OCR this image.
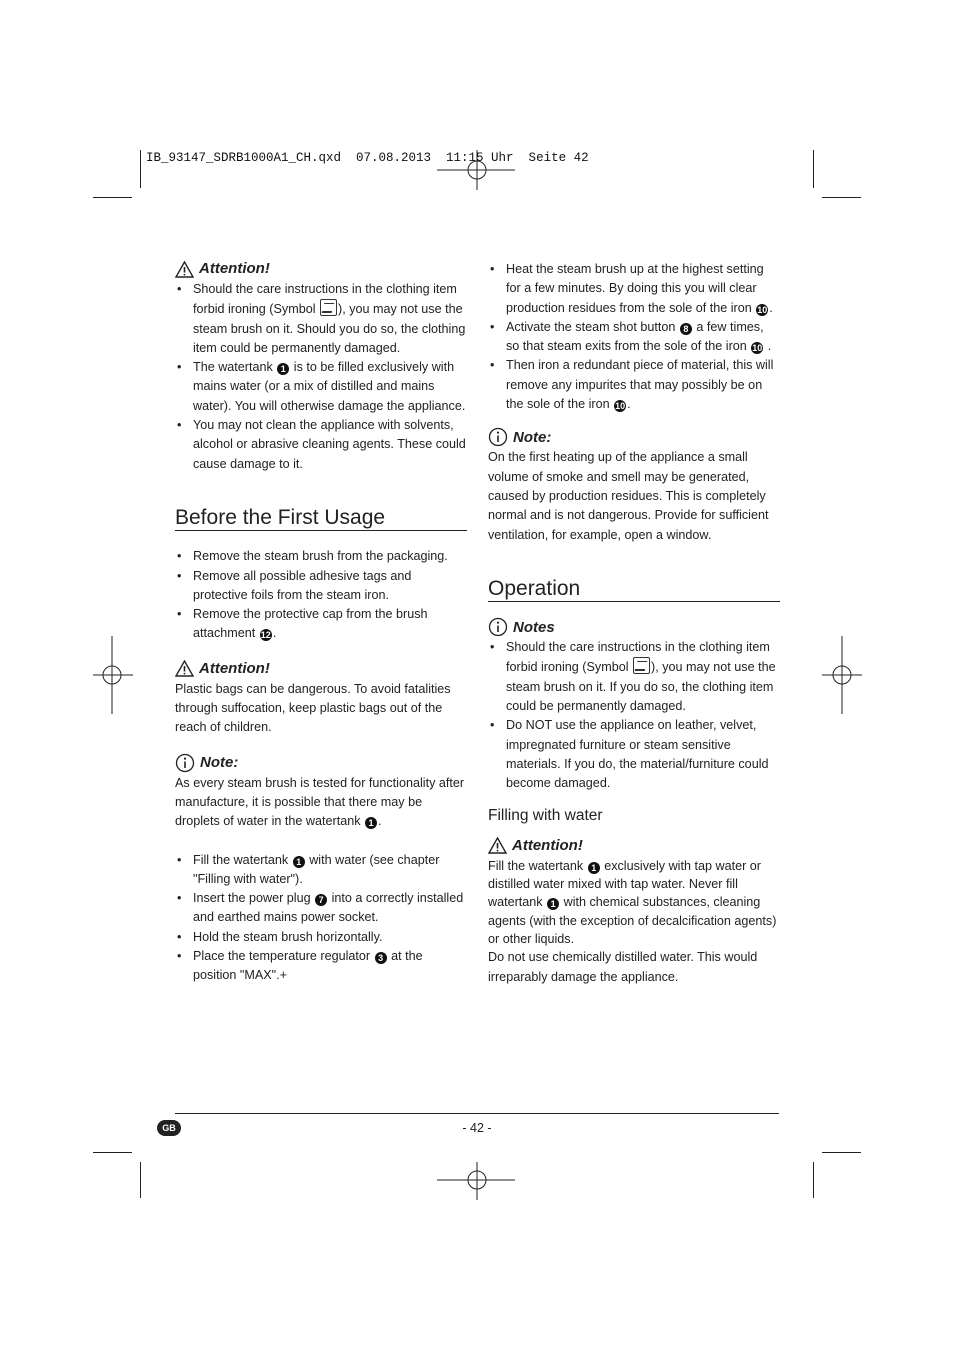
IB_93147_SDRB1000A1_CH.qxd  07.08.2013  11:15 Uhr  Seite 42
Attention!
• Should the care instructions in the clothing item forbid ironing (Symbol ), you may not use the steam brush on it. Should you do so, the clothing item could be permanently damaged.
• The watertank 1 is to be filled exclusively with mains water (or a mix of distilled and mains water). You will otherwise damage the appliance.
• You may not clean the appliance with solvents, alcohol or abrasive cleaning agents. These could cause damage to it.
Before the First Usage
• Remove the steam brush from the packaging.
• Remove all possible adhesive tags and protective foils from the steam iron.
• Remove the protective cap from the brush attachment 12 .
Attention!

Plastic bags can be dangerous. To avoid fatalities through suffocation, keep plastic bags out of the reach of children.

Note:

As every steam brush is tested for functionality after manufacture, it is possible that there may be droplets of water in the watertank 1 .

• Fill the watertank 1 with water (see chapter "Filling with water").
• Insert the power plug 7 into a correctly installed and earthed mains power socket.
• Hold the steam brush horizontally.
• Place the temperature regulator 3 at the position "MAX".+
• Heat the steam brush up at the highest setting for a few minutes. By doing this you will clear production residues from the sole of the iron 10 .
• Activate the steam shot button 8 a few times, so that steam exits from the sole of the iron 10 .
• Then iron a redundant piece of material, this will remove any impurites that may possibly be on the sole of the iron 10 .
Note:

On the first heating up of the appliance a small volume of smoke and smell may be generated, caused by production residues. This is completely normal and is not dangerous. Provide for sufficient ventilation, for example, open a window.

Operation
Notes
• Should the care instructions in the clothing item forbid ironing (Symbol ), you may not use the steam brush on it. If you do so, the clothing item could be permanently damaged.
• Do NOT use the appliance on leather, velvet, impregnated furniture or steam sensitive materials. If you do, the material/furniture could become damaged.
Filling with water
Attention!

Fill the watertank 1 exclusively with tap water or distilled water mixed with tap water. Never fill watertank 1 with chemical substances, cleaning agents (with the exception of decalcification agents) or other liquids.

Do not use chemically distilled water. This would irreparably damage the appliance.

GB	- 42 -
